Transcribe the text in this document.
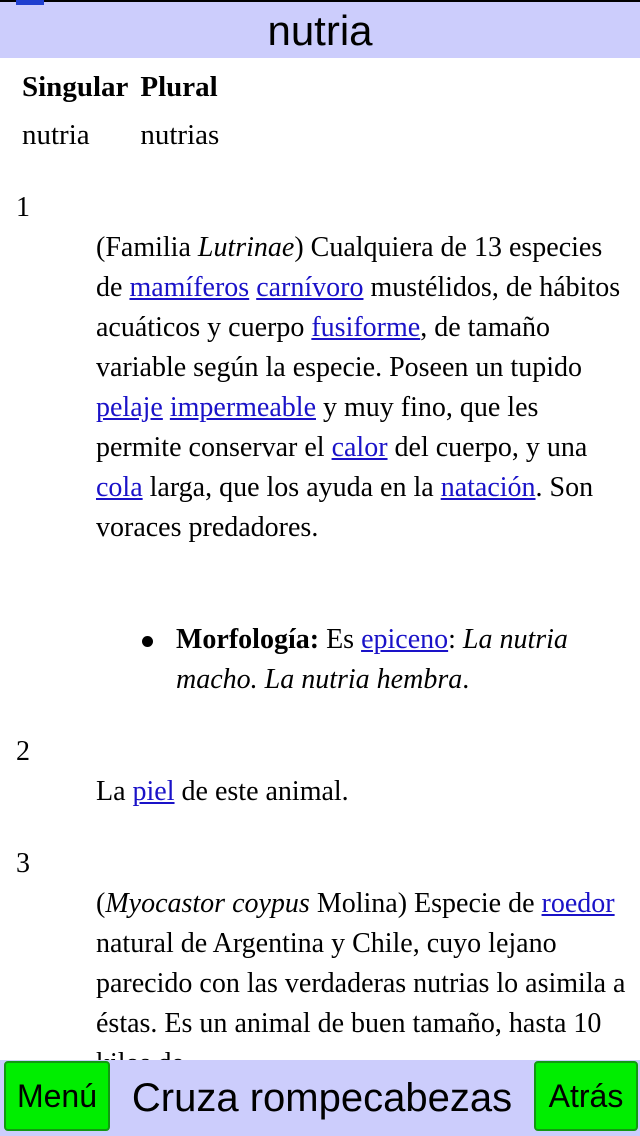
nutria
Singular	Plural
nutria	nutrias
1
(Familia Lutrinae) Cualquiera de 13 especies de mamíferos carnívoro mustélidos, de hábitos acuáticos y cuerpo fusiforme, de tamaño variable según la especie. Poseen un tupido pelaje impermeable y muy fino, que les permite conservar el calor del cuerpo, y una cola larga, que los ayuda en la natación. Son voraces predadores.
Morfología: Es epiceno: La nutria macho. La nutria hembra.
2
La piel de este animal.
3
(Myocastor coypus Molina) Especie de roedor natural de Argentina y Chile, cuyo lejano parecido con las verdaderas nutrias lo asimila a éstas. Es un animal de buen tamaño, hasta 10
Menú Cruza rompecabezas	Atrás
